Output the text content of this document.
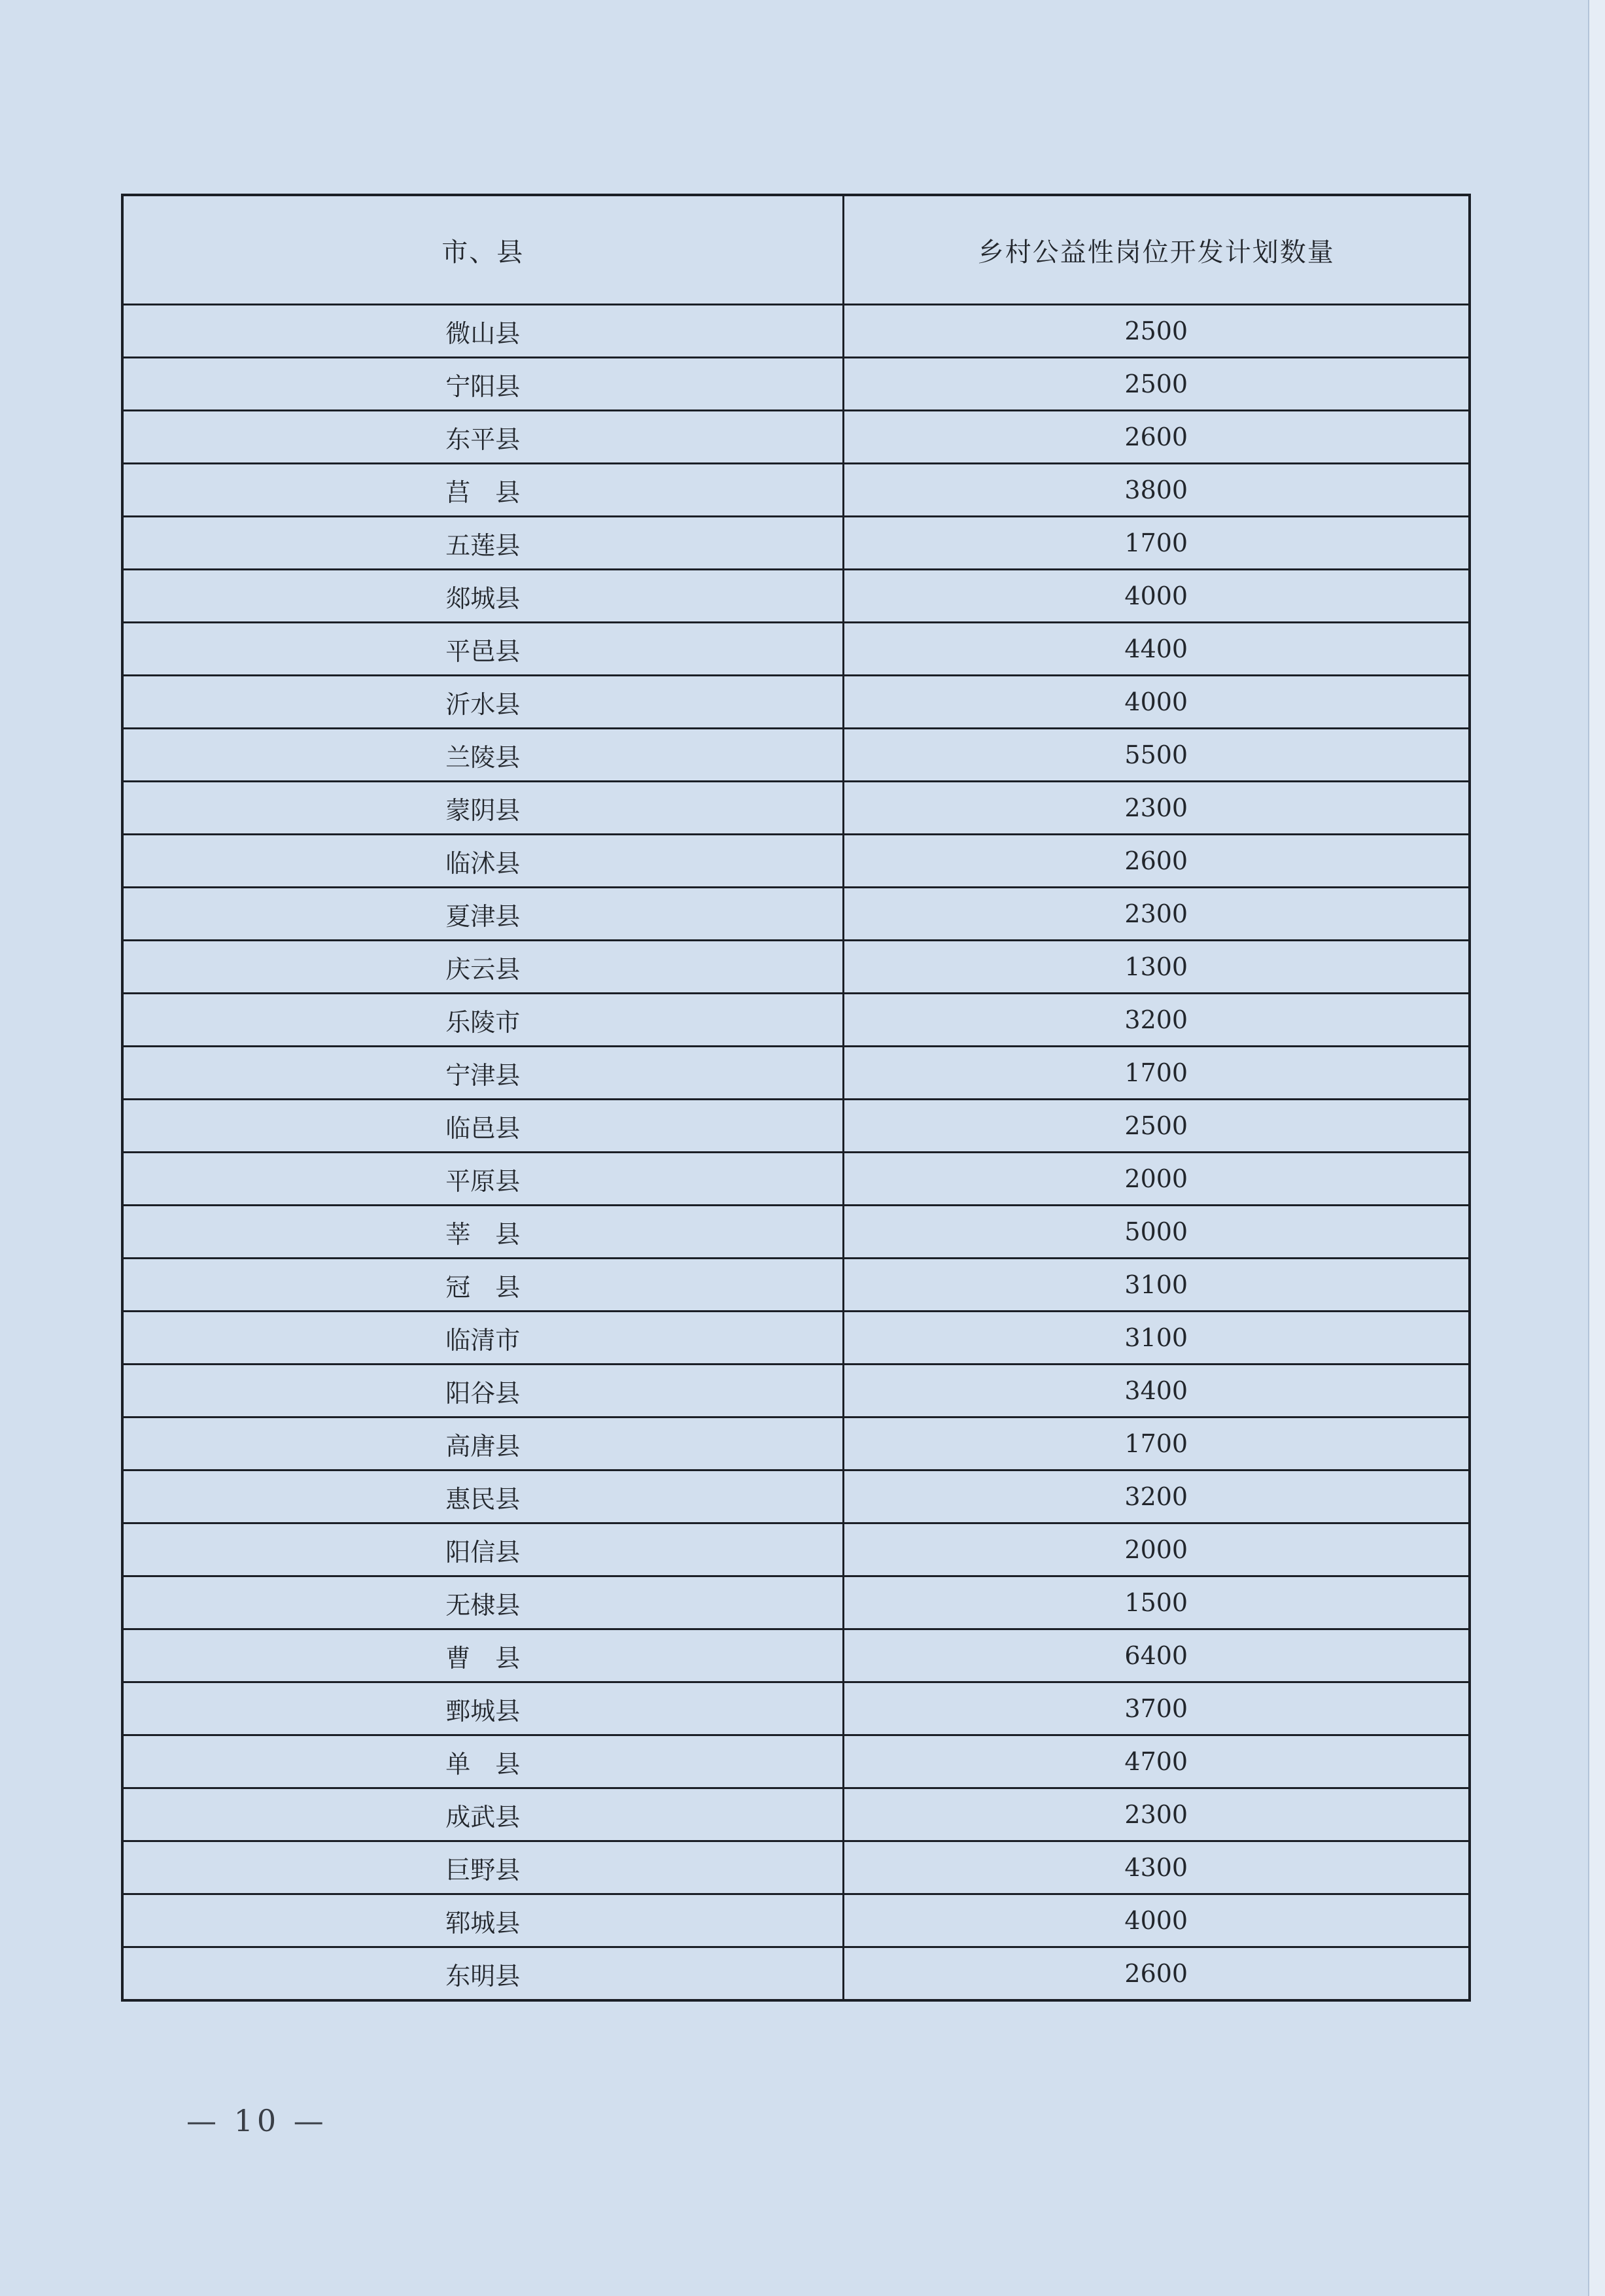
市、县	乡村公益性岗位开发计划数量
微山县	2500
宁阳县	2500
东平县	2600
莒　县	3800
五莲县	1700
郯城县	4000
平邑县	4400
沂水县	4000
兰陵县	5500
蒙阴县	2300
临沭县	2600
夏津县	2300
庆云县	1300
乐陵市	3200
宁津县	1700
临邑县	2500
平原县	2000
莘　县	5000
冠　县	3100
临清市	3100
阳谷县	3400
高唐县	1700
惠民县	3200
阳信县	2000
无棣县	1500
曹　县	6400
鄄城县	3700
单　县	4700
成武县	2300
巨野县	4300
郓城县	4000
东明县	2600
— 10 —
